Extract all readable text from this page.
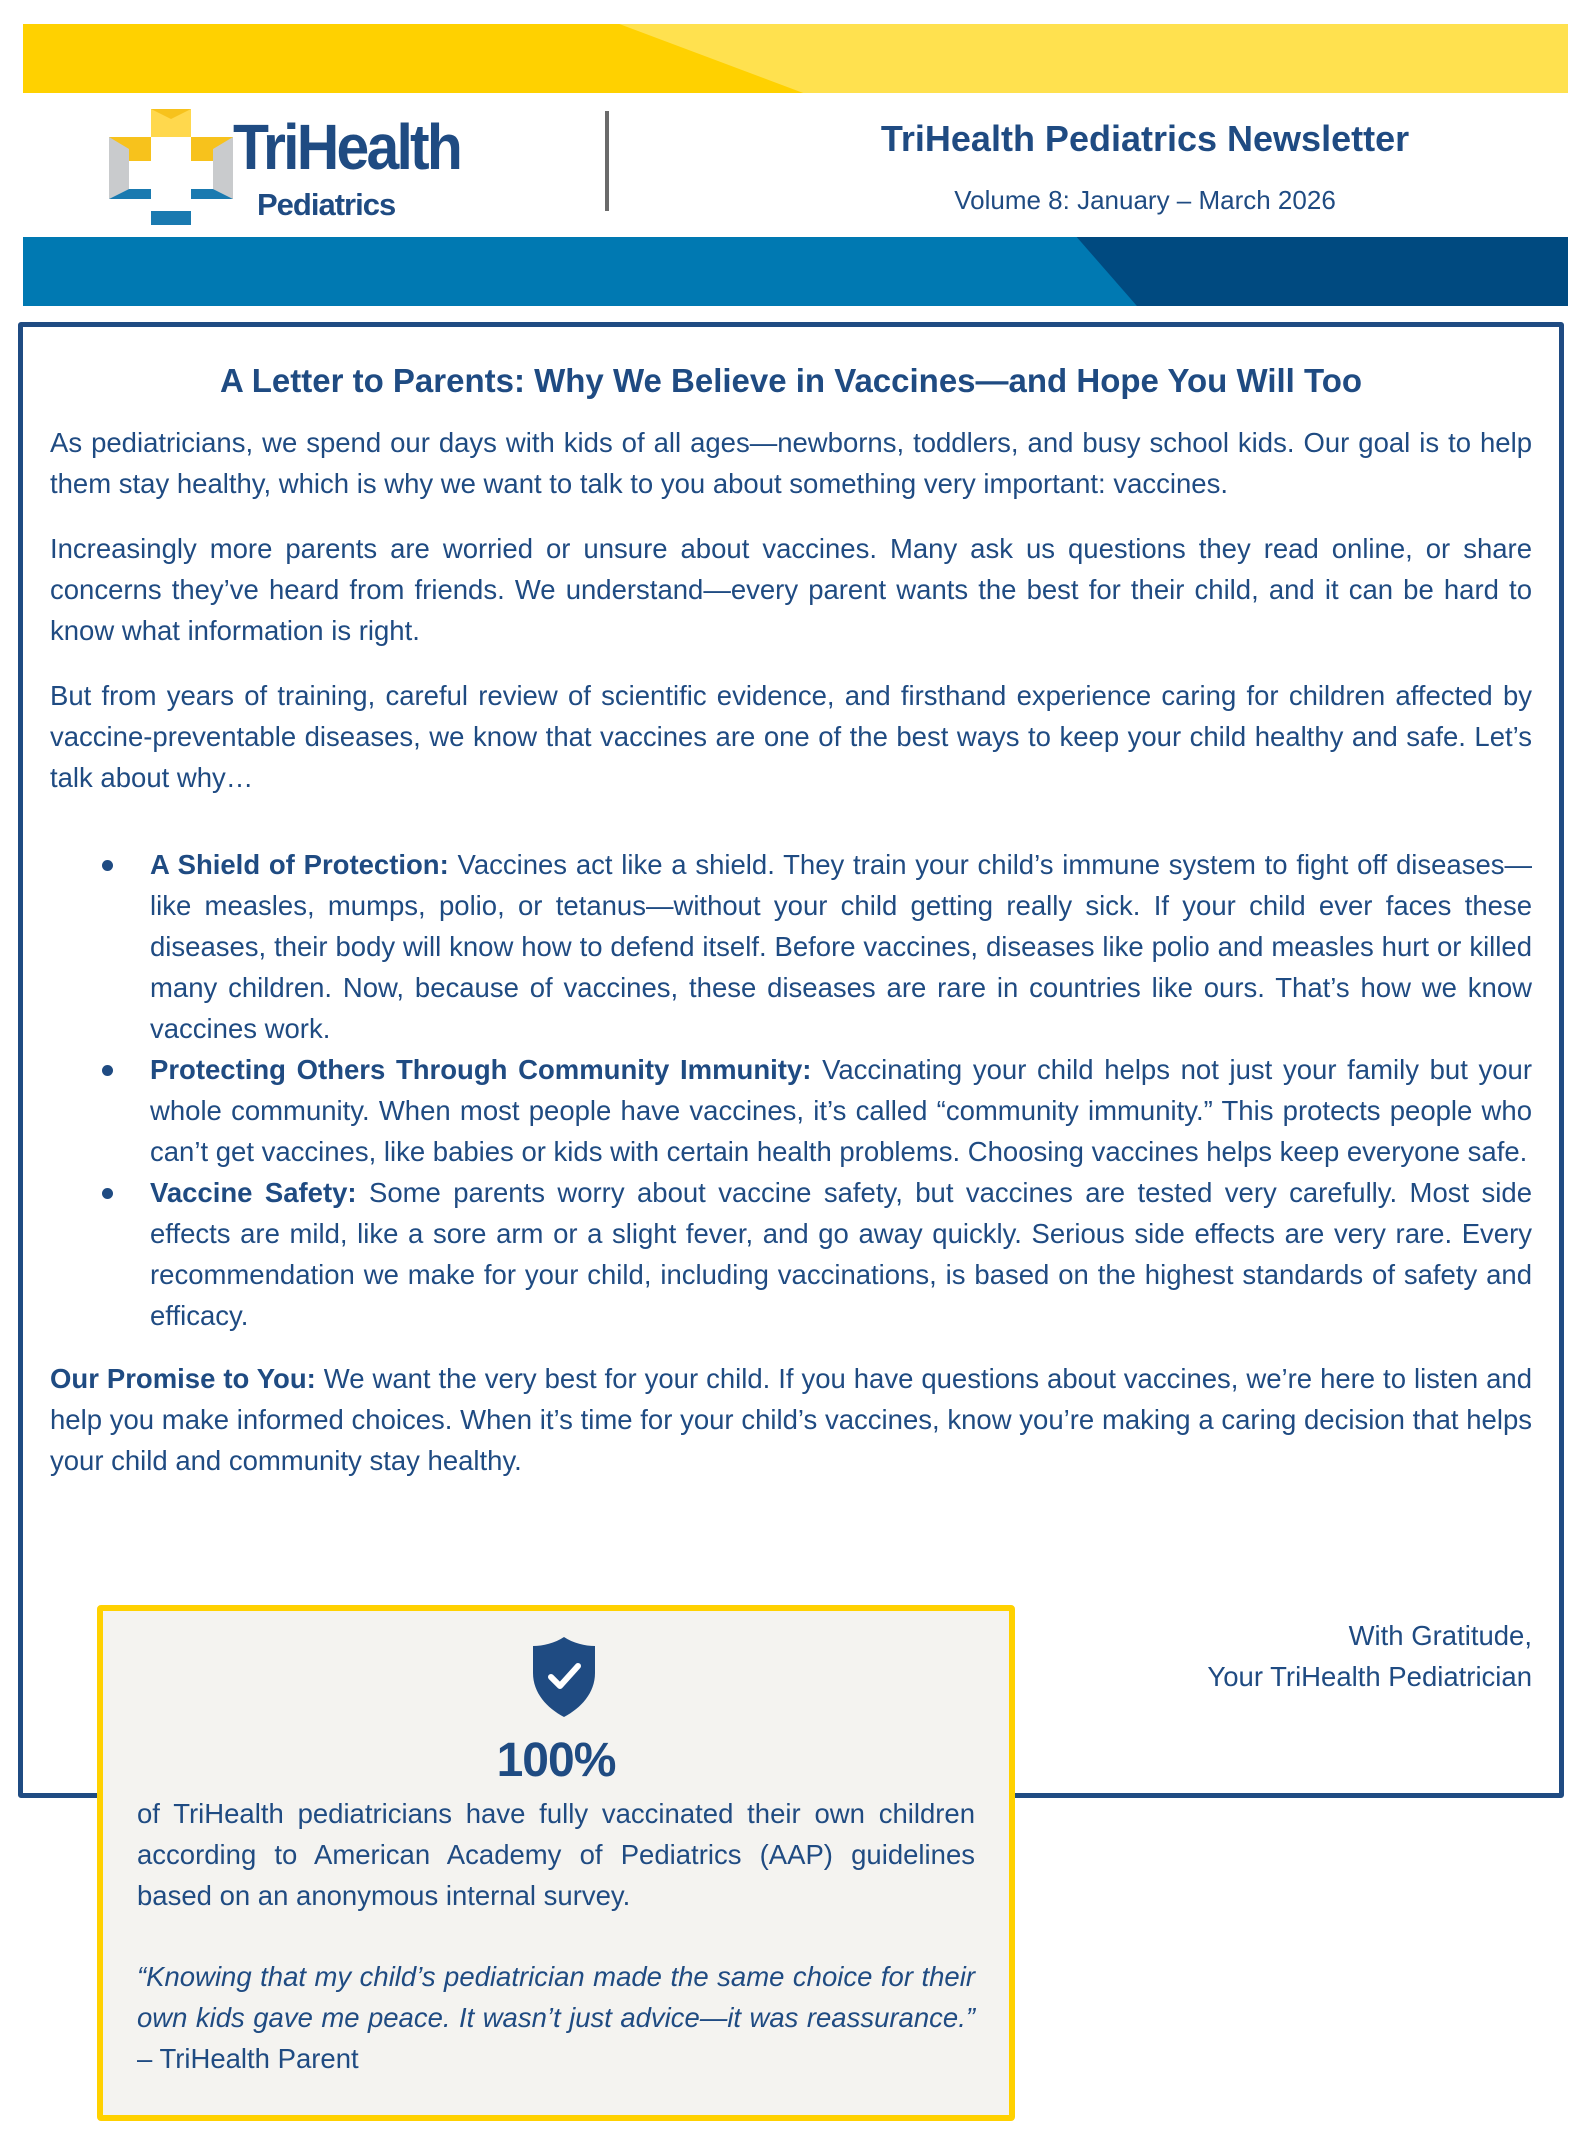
TriHealth
Pediatrics
TriHealth Pediatrics Newsletter
Volume 8: January – March 2026
A Letter to Parents: Why We Believe in Vaccines—and Hope You Will Too

As pediatricians, we spend our days with kids of all ages—newborns, toddlers, and busy school kids. Our goal is to help them stay healthy, which is why we want to talk to you about something very important: vaccines.

Increasingly more parents are worried or unsure about vaccines. Many ask us questions they read online, or share concerns they’ve heard from friends. We understand—every parent wants the best for their child, and it can be hard to know what information is right.

But from years of training, careful review of scientific evidence, and firsthand experience caring for children affected by vaccine-preventable diseases, we know that vaccines are one of the best ways to keep your child healthy and safe. Let’s talk about why…

A Shield of Protection: Vaccines act like a shield. They train your child’s immune system to fight off diseases—like measles, mumps, polio, or tetanus—without your child getting really sick. If your child ever faces these diseases, their body will know how to defend itself. Before vaccines, diseases like polio and measles hurt or killed many children. Now, because of vaccines, these diseases are rare in countries like ours. That’s how we know vaccines work.
Protecting Others Through Community Immunity: Vaccinating your child helps not just your family but your whole community. When most people have vaccines, it’s called “community immunity.” This protects people who can’t get vaccines, like babies or kids with certain health problems. Choosing vaccines helps keep everyone safe.
Vaccine Safety: Some parents worry about vaccine safety, but vaccines are tested very carefully. Most side effects are mild, like a sore arm or a slight fever, and go away quickly. Serious side effects are very rare. Every recommendation we make for your child, including vaccinations, is based on the highest standards of safety and efficacy.

Our Promise to You: We want the very best for your child. If you have questions about vaccines, we’re here to listen and help you make informed choices. When it’s time for your child’s vaccines, know you’re making a caring decision that helps your child and community stay healthy.

With Gratitude,
Your TriHealth Pediatrician
100%
of TriHealth pediatricians have fully vaccinated their own children according to American Academy of Pediatrics (AAP) guidelines based on an anonymous internal survey.
“Knowing that my child’s pediatrician made the same choice for their own kids gave me peace. It wasn’t just advice—it was reassurance.” – TriHealth Parent
